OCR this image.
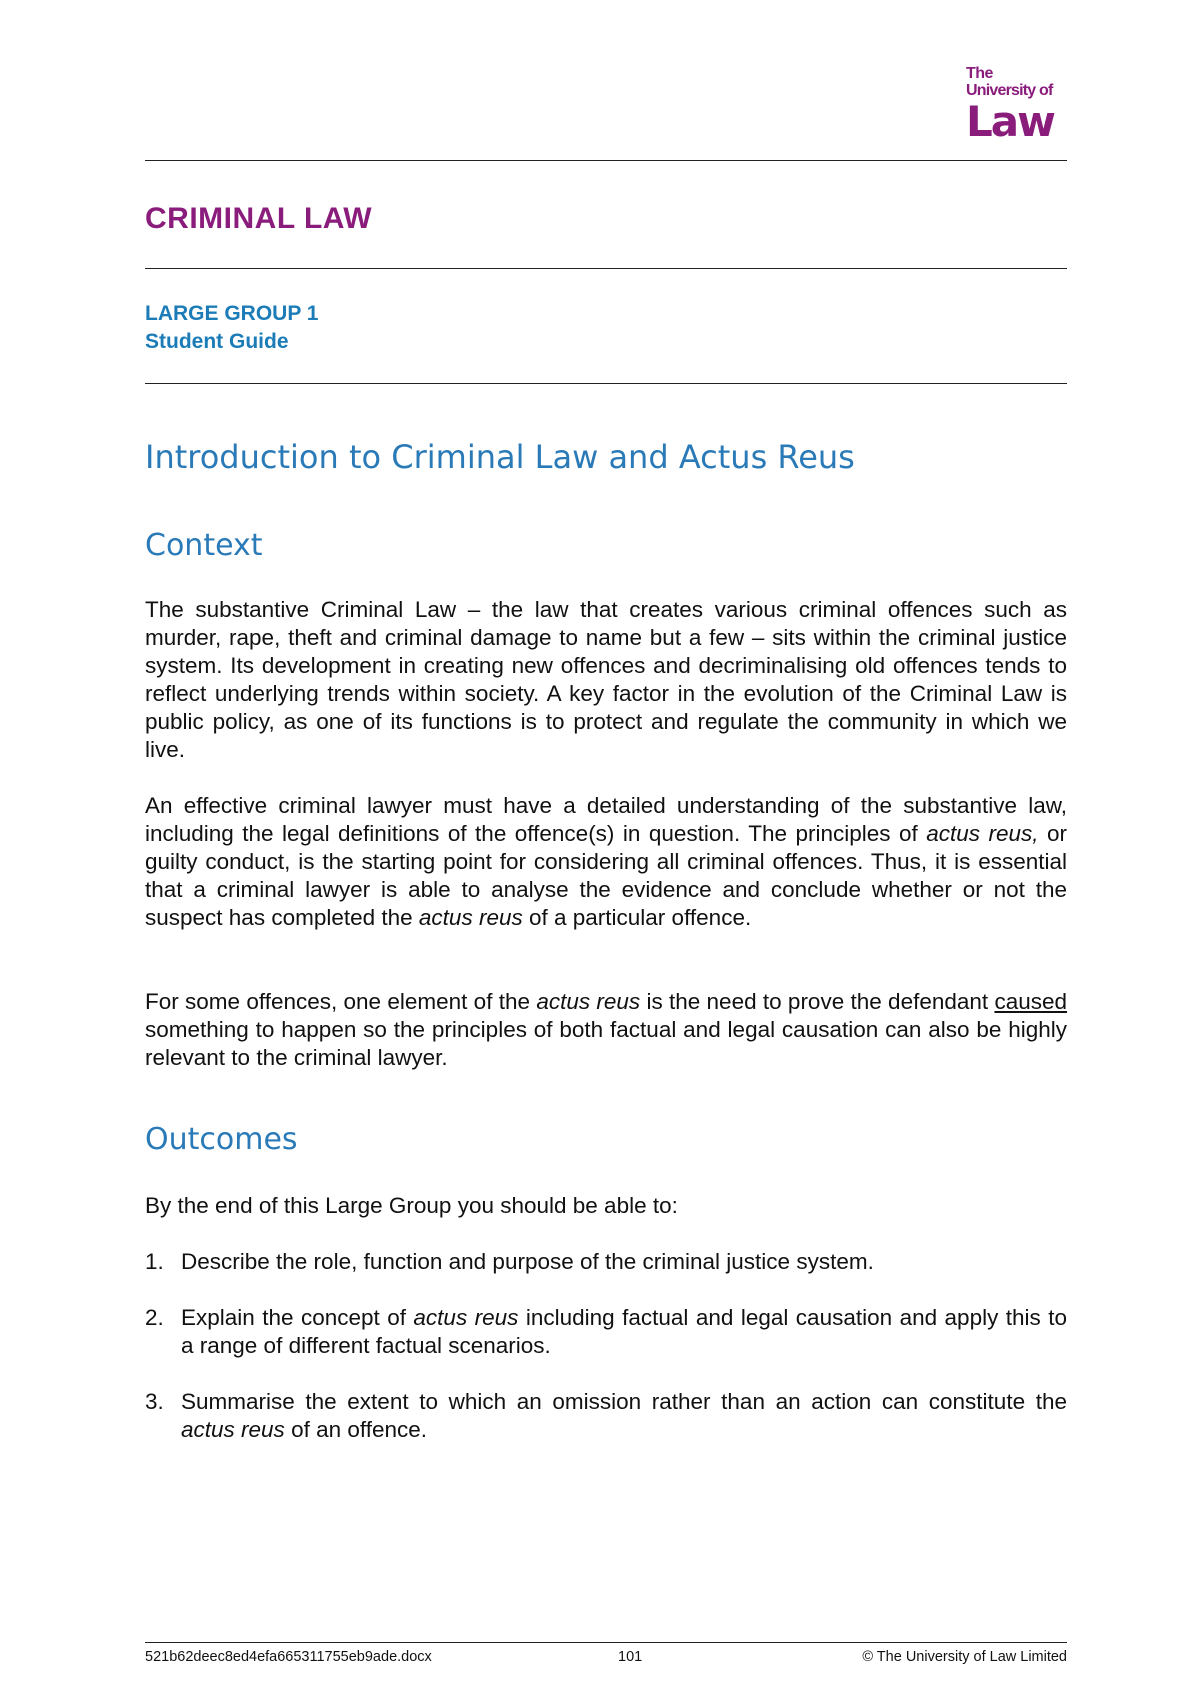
The
University of
Law
CRIMINAL LAW
LARGE GROUP 1
Student Guide
Introduction to Criminal Law and Actus Reus
Context
The substantive Criminal Law – the law that creates various criminal offences such as murder, rape, theft and criminal damage to name but a few – sits within the criminal justice system. Its development in creating new offences and decriminalising old offences tends to reflect underlying trends within society. A key factor in the evolution of the Criminal Law is public policy, as one of its functions is to protect and regulate the community in which we live.
An effective criminal lawyer must have a detailed understanding of the substantive law, including the legal definitions of the offence(s) in question. The principles of actus reus, or guilty conduct, is the starting point for considering all criminal offences. Thus, it is essential that a criminal lawyer is able to analyse the evidence and conclude whether or not the suspect has completed the actus reus of a particular offence.
For some offences, one element of the actus reus is the need to prove the defendant caused something to happen so the principles of both factual and legal causation can also be highly relevant to the criminal lawyer.
Outcomes
By the end of this Large Group you should be able to:
1. Describe the role, function and purpose of the criminal justice system.
2. Explain the concept of actus reus including factual and legal causation and apply this to a range of different factual scenarios.
3. Summarise the extent to which an omission rather than an action can constitute the actus reus of an offence.
521b62deec8ed4efa665311755eb9ade.docx	101	© The University of Law Limited
